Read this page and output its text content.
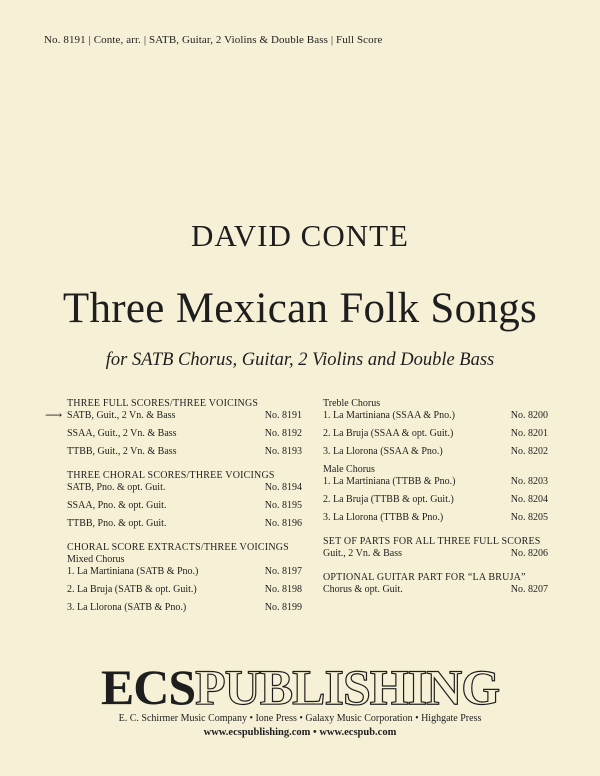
No. 8191 | Conte, arr. | SATB, Guitar, 2 Violins & Double Bass | Full Score
DAVID CONTE
Three Mexican Folk Songs
for SATB Chorus, Guitar, 2 Violins and Double Bass
THREE FULL SCORES/THREE VOICINGS
⟶ SATB, Guit., 2 Vn. & Bass	No. 8191
SSAA, Guit., 2 Vn. & Bass	No. 8192
TTBB, Guit., 2 Vn. & Bass	No. 8193
THREE CHORAL SCORES/THREE VOICINGS
SATB, Pno. & opt. Guit.	No. 8194
SSAA, Pno. & opt. Guit.	No. 8195
TTBB, Pno. & opt. Guit.	No. 8196
CHORAL SCORE EXTRACTS/THREE VOICINGS
Mixed Chorus
1. La Martiniana (SATB & Pno.)	No. 8197
2. La Bruja (SATB & opt. Guit.)	No. 8198
3. La Llorona (SATB & Pno.)	No. 8199
Treble Chorus
1. La Martiniana (SSAA & Pno.)	No. 8200
2. La Bruja (SSAA & opt. Guit.)	No. 8201
3. La Llorona (SSAA & Pno.)	No. 8202
Male Chorus
1. La Martiniana (TTBB & Pno.)	No. 8203
2. La Bruja (TTBB & opt. Guit.)	No. 8204
3. La Llorona (TTBB & Pno.)	No. 8205
SET OF PARTS FOR ALL THREE FULL SCORES
Guit., 2 Vn. & Bass	No. 8206
OPTIONAL GUITAR PART FOR “LA BRUJA”
Chorus & opt. Guit.	No. 8207
ECSPUBLISHING
E. C. Schirmer Music Company • Ione Press • Galaxy Music Corporation • Highgate Press
www.ecspublishing.com • www.ecspub.com
